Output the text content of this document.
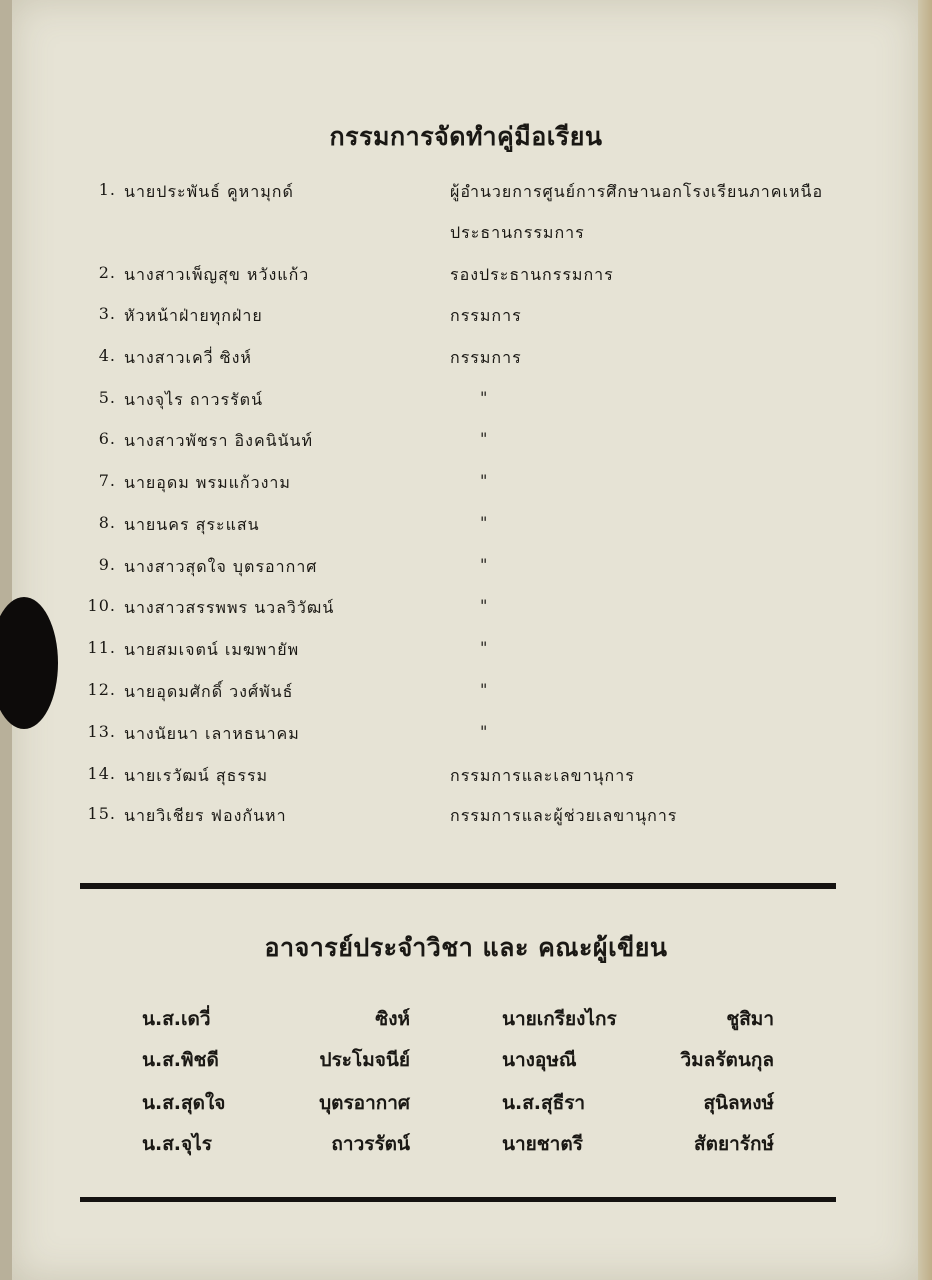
กรรมการจัดทำคู่มือเรียน
1. นายประพันธ์ คูหามุกด์	ผู้อำนวยการศูนย์การศึกษานอกโรงเรียนภาคเหนือ
ประธานกรรมการ
2. นางสาวเพ็ญสุข หวังแก้ว	รองประธานกรรมการ
3. หัวหน้าฝ่ายทุกฝ่าย	กรรมการ
4. นางสาวเควี่ ซิงห์	กรรมการ
5. นางจุไร ถาวรรัตน์	"
6. นางสาวพัชรา อิงคนินันท์	"
7. นายอุดม พรมแก้วงาม	"
8. นายนคร สุระแสน	"
9. นางสาวสุดใจ บุตรอากาศ	"
10. นางสาวสรรพพร นวลวิวัฒน์	"
11. นายสมเจตน์ เมฆพายัพ	"
12. นายอุดมศักดิ์ วงศ์พันธ์	"
13. นางนัยนา เลาหธนาคม	"
14. นายเรวัฒน์ สุธรรม	กรรมการและเลขานุการ
15. นายวิเชียร ฟองกันหา	กรรมการและผู้ช่วยเลขานุการ
อาจารย์ประจำวิชา และ คณะผู้เขียน
น.ส.เดวี่	ซิงห์	นายเกรียงไกร	ชูสิมา
น.ส.พิชดี	ประโมจนีย์	นางอุษณี	วิมลรัตนกุล
น.ส.สุดใจ	บุตรอากาศ	น.ส.สุธีรา	สุนิลหงษ์
น.ส.จุไร	ถาวรรัตน์	นายชาตรี	สัตยารักษ์
